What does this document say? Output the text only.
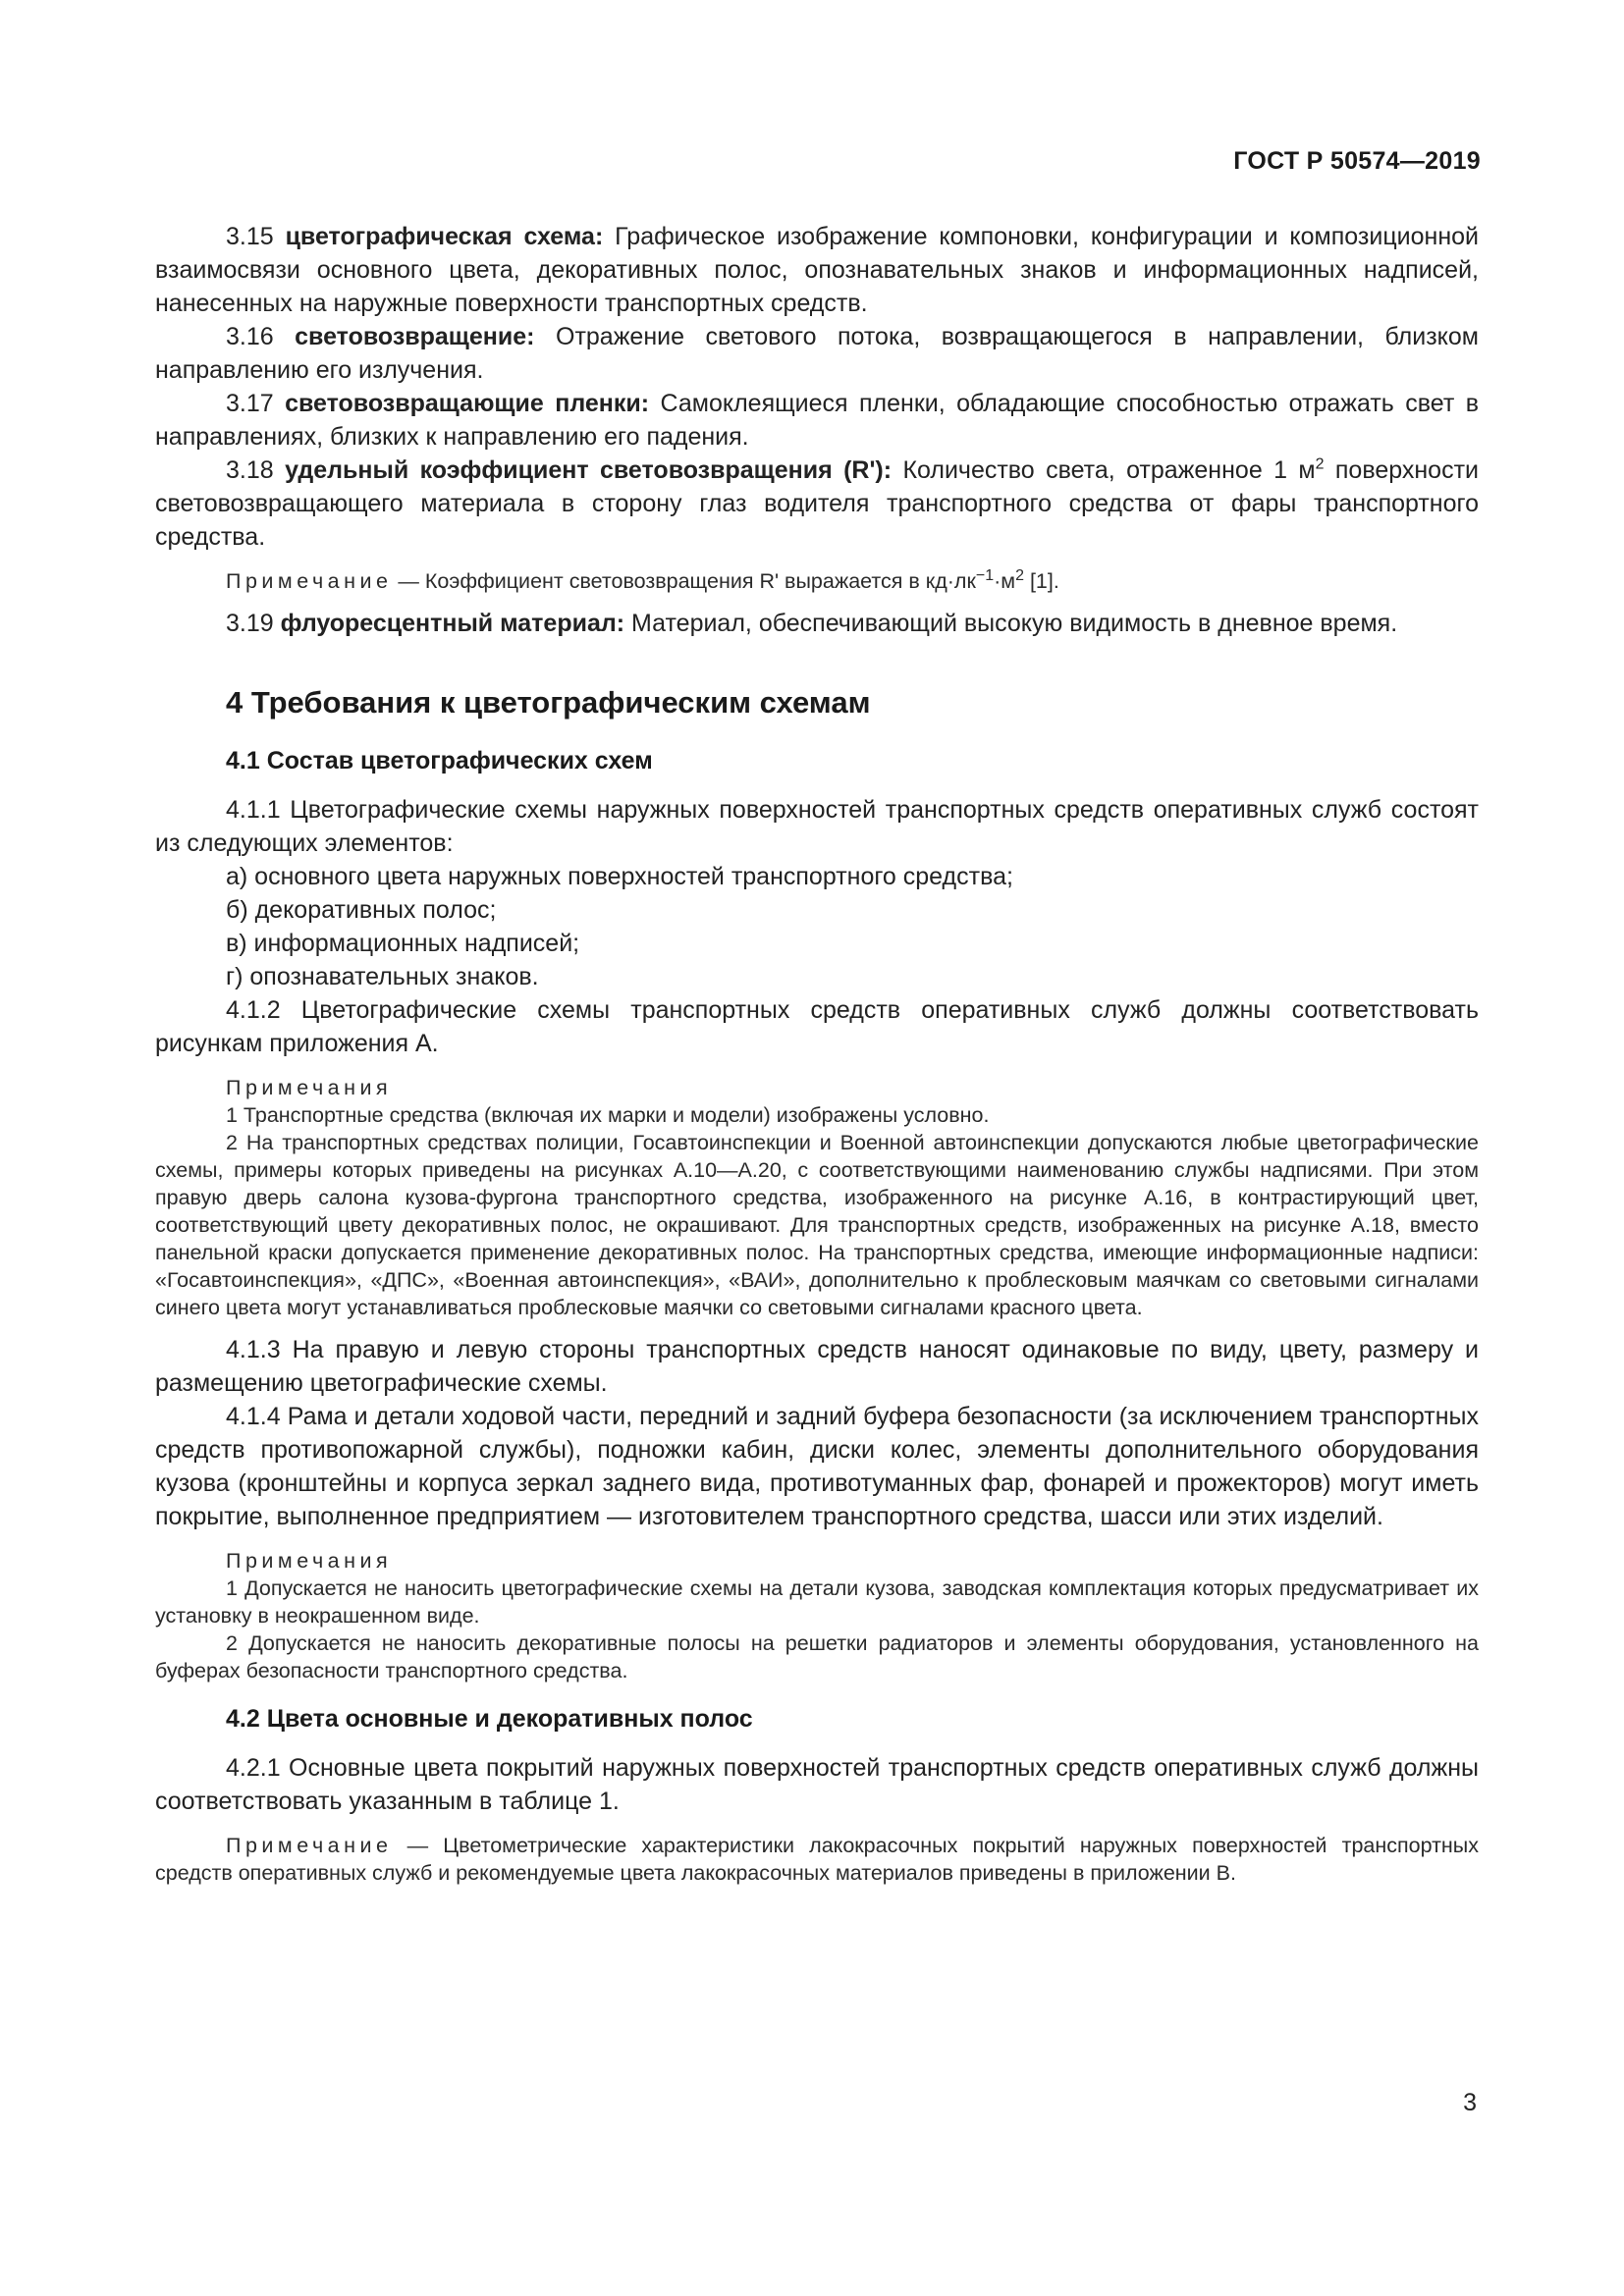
ГОСТ Р 50574—2019

3.15 цветографическая схема: Графическое изображение компоновки, конфигурации и композиционной взаимосвязи основного цвета, декоративных полос, опознавательных знаков и информационных надписей, нанесенных на наружные поверхности транспортных средств.

3.16 световозвращение: Отражение светового потока, возвращающегося в направлении, близком направлению его излучения.

3.17 световозвращающие пленки: Самоклеящиеся пленки, обладающие способностью отражать свет в направлениях, близких к направлению его падения.

3.18 удельный коэффициент световозвращения (R'): Количество света, отраженное 1 $м^2$ поверхности световозвращающего материала в сторону глаз водителя транспортного средства от фары транспортного средства.

Примечание — Коэффициент световозвращения R' выражается в $кд\cdot лк^{-1}\cdot м^2$ [1].

3.19 флуоресцентный материал: Материал, обеспечивающий высокую видимость в дневное время.

4 Требования к цветографическим схемам
4.1 Состав цветографических схем

4.1.1 Цветографические схемы наружных поверхностей транспортных средств оперативных служб состоят из следующих элементов:

а) основного цвета наружных поверхностей транспортного средства;

б) декоративных полос;

в) информационных надписей;

г) опознавательных знаков.

4.1.2 Цветографические схемы транспортных средств оперативных служб должны соответствовать рисункам приложения А.

Примечания

1 Транспортные средства (включая их марки и модели) изображены условно.

2 На транспортных средствах полиции, Госавтоинспекции и Военной автоинспекции допускаются любые цветографические схемы, примеры которых приведены на рисунках А.10—А.20, с соответствующими наименованию службы надписями. При этом правую дверь салона кузова-фургона транспортного средства, изображенного на рисунке А.16, в контрастирующий цвет, соответствующий цвету декоративных полос, не окрашивают. Для транспортных средств, изображенных на рисунке А.18, вместо панельной краски допускается применение декоративных полос. На транспортных средства, имеющие информационные надписи: «Госавтоинспекция», «ДПС», «Военная автоинспекция», «ВАИ», дополнительно к проблесковым маячкам со световыми сигналами синего цвета могут устанавливаться проблесковые маячки со световыми сигналами красного цвета.

4.1.3 На правую и левую стороны транспортных средств наносят одинаковые по виду, цвету, размеру и размещению цветографические схемы.

4.1.4 Рама и детали ходовой части, передний и задний буфера безопасности (за исключением транспортных средств противопожарной службы), подножки кабин, диски колес, элементы дополнительного оборудования кузова (кронштейны и корпуса зеркал заднего вида, противотуманных фар, фонарей и прожекторов) могут иметь покрытие, выполненное предприятием — изготовителем транспортного средства, шасси или этих изделий.

Примечания

1 Допускается не наносить цветографические схемы на детали кузова, заводская комплектация которых предусматривает их установку в неокрашенном виде.

2 Допускается не наносить декоративные полосы на решетки радиаторов и элементы оборудования, установленного на буферах безопасности транспортного средства.

4.2 Цвета основные и декоративных полос

4.2.1 Основные цвета покрытий наружных поверхностей транспортных средств оперативных служб должны соответствовать указанным в таблице 1.

Примечание — Цветометрические характеристики лакокрасочных покрытий наружных поверхностей транспортных средств оперативных служб и рекомендуемые цвета лакокрасочных материалов приведены в приложении В.

3
